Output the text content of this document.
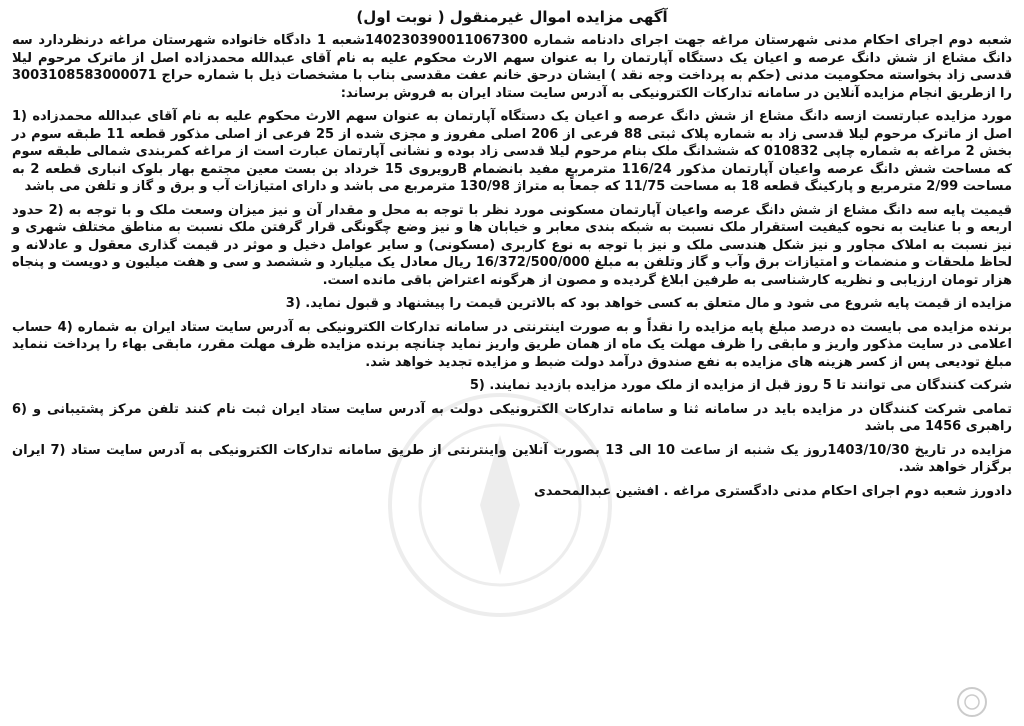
آگهی مزایده اموال غیرمنقول ( نوبت اول)

شعبه دوم اجرای احکام مدنی شهرستان مراغه جهت اجرای دادنامه شماره 140230390011067300شعبه 1 دادگاه خانواده شهرستان مراغه درنظردارد سه دانگ مشاع از شش دانگ عرصه و اعیان یک دستگاه آپارتمان را به عنوان سهم الارث محکوم علیه به نام آقای عبدالله محمدزاده اصل از ماترک مرحوم لیلا قدسی زاد بخواسته محکومیت مدنی (حکم به پرداخت وجه نقد ) ایشان درحق خانم عفت مقدسی بناب با مشخصات ذیل با شماره حراج 3003108583000071 را ازطریق انجام مزایده آنلاین در سامانه تدارکات الکترونیکی به آدرس سایت ستاد ایران به فروش برساند:

مورد مزایده عبارتست ازسه دانگ مشاع از شش دانگ عرصه و اعیان یک دستگاه آپارتمان به عنوان سهم الارث محکوم علیه به نام آقای عبدالله محمدزاده (1 اصل از ماترک مرحوم لیلا قدسی زاد به شماره پلاک ثبتی 88 فرعی از 206 اصلی مفروز و مجزی شده از 25 فرعی از اصلی مذکور قطعه 11 طبقه سوم در بخش 2 مراغه به شماره چاپی 010832 که ششدانگ ملک بنام مرحوم لیلا قدسی زاد بوده و نشانی آپارتمان عبارت است از مراغه کمربندی شمالی طبقه سوم که مساحت شش دانگ عرصه واعیان آپارتمان مذکور 116/24 مترمربع مفید بانضمام Bرویروی 15 خرداد بن بست معین مجتمع بهار بلوک انباری قطعه 2 به مساحت 2/99 مترمربع و پارکینگ قطعه 18 به مساحت 11/75 که جمعاً به متراژ 130/98 مترمربع می باشد و دارای امتیازات آب و برق و گاز و تلفن می باشد

قیمیت پایه سه دانگ مشاع از شش دانگ عرصه واعیان آپارتمان مسکونی مورد نظر با توجه به محل و مقدار آن و نیز میزان وسعت ملک و با توجه به (2 حدود اربعه و با عنایت به نحوه کیفیت استقرار ملک نسبت به شبکه بندی معابر و خیابان ها و نیز وضع چگونگی قرار گرفتن ملک نسبت به مناطق مختلف شهری و نیز نسبت به املاک مجاور و نیز شکل هندسی ملک و نیز با توجه به نوع کاربری (مسکونی) و سایر عوامل دخیل و موثر در قیمت گذاری معقول و عادلانه و لحاظ ملحقات و منضمات و امتیازات برق وآب و گاز وتلفن به مبلغ 16/372/500/000 ریال معادل یک میلیارد و ششصد و سی و هفت میلیون و دویست و پنجاه هزار تومان ارزیابی و نظریه کارشناسی به طرفین ابلاغ گردیده و مصون از هرگونه اعتراض باقی مانده است.

مزایده از قیمت پایه شروع می شود و مال متعلق به کسی خواهد بود که بالاترین قیمت را پیشنهاد و قبول نماید. (3

برنده مزایده می بایست ده درصد مبلغ پایه مزایده را نقداً و به صورت اینترنتی در سامانه تدارکات الکترونیکی به آدرس سایت ستاد ایران به شماره (4 حساب اعلامی در سایت مذکور واریز و مابقی را ظرف مهلت یک ماه از همان طریق واریز نماید چنانچه برنده مزایده ظرف مهلت مقرر، مابقی بهاء را پرداخت ننماید مبلغ تودیعی پس از کسر هزینه های مزایده به نفع صندوق درآمد دولت ضبط و مزایده تجدید خواهد شد.

شرکت کنندگان می توانند تا 5 روز قبل از مزایده از ملک مورد مزایده بازدید نمایند. (5

تمامی شرکت کنندگان در مزایده باید در سامانه ثنا و سامانه تدارکات الکترونیکی دولت به آدرس سایت ستاد ایران ثبت نام کنند تلفن مرکز پشتیبانی و (6 راهبری 1456 می باشد

مزایده در تاریخ 1403/10/30روز یک شنبه از ساعت 10 الی 13 بصورت آنلاین واینترنتی از طریق سامانه تدارکات الکترونیکی به آدرس سایت ستاد (7 ایران برگزار خواهد شد.

دادورز شعبه دوم اجرای احکام مدنی دادگستری مراغه . افشین عبدالمحمدی
